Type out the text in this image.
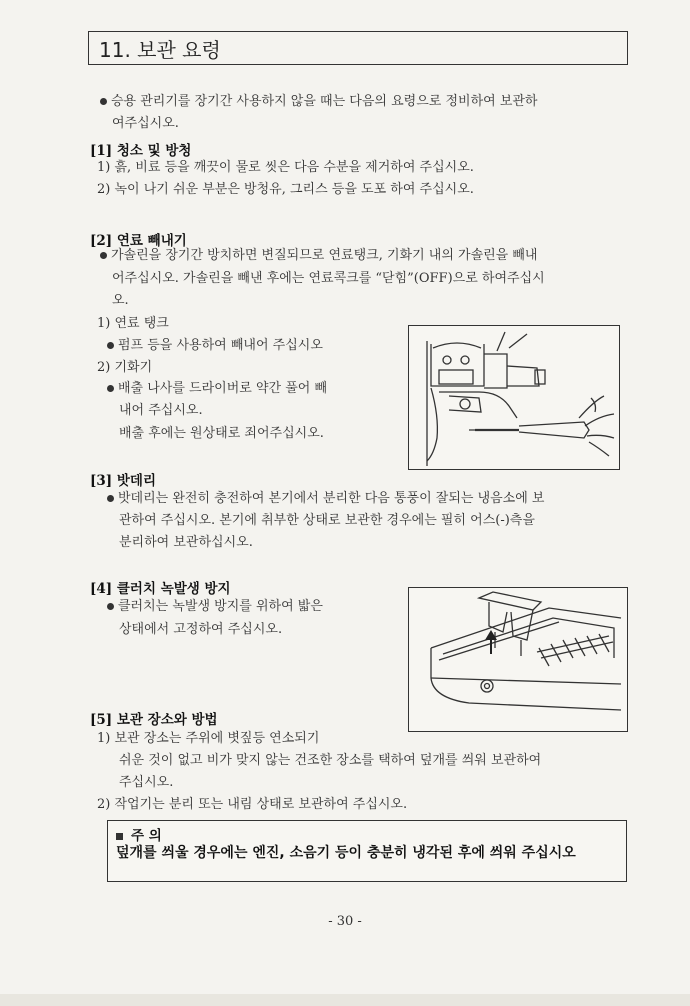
11. 보관 요령
승용 관리기를 장기간 사용하지 않을 때는 다음의 요령으로 정비하여 보관하
여주십시오.
[1] 청소 및 방청
1) 흙, 비료 등을 깨끗이 물로 씻은 다음 수분을 제거하여 주십시오.
2) 녹이 나기 쉬운 부분은 방청유, 그리스 등을 도포 하여 주십시오.
[2] 연료 빼내기
가솔린을 장기간 방치하면 변질되므로 연료탱크, 기화기 내의 가솔린을 빼내
어주십시오. 가솔린을 빼낸 후에는 연료콕크를 “닫힘”(OFF)으로 하여주십시
오.
1) 연료 탱크
펌프 등을 사용하여 빼내어 주십시오
2) 기화기
배출 나사를 드라이버로 약간 풀어 빼
내어 주십시오.
배출 후에는 원상태로 죄어주십시오.
[3] 밧데리
밧데리는 완전히 충전하여 본기에서 분리한 다음 통풍이 잘되는 냉음소에 보
관하여 주십시오. 본기에 취부한 상태로 보관한 경우에는 필히 어스(-)측을
분리하여 보관하십시오.
[4] 클러치 녹발생 방지
클러치는 녹발생 방지를 위하여 밟은
상태에서 고정하여 주십시오.
[5] 보관 장소와 방법
1) 보관 장소는 주위에 볏짚등 연소되기
쉬운 것이 없고 비가 맞지 않는 건조한 장소를 택하여 덮개를 씌워 보관하여
주십시오.
2) 작업기는 분리 또는 내림 상태로 보관하여 주십시오.
주 의
덮개를 씌울 경우에는 엔진, 소음기 등이 충분히 냉각된 후에 씌워 주십시오
- 30 -
